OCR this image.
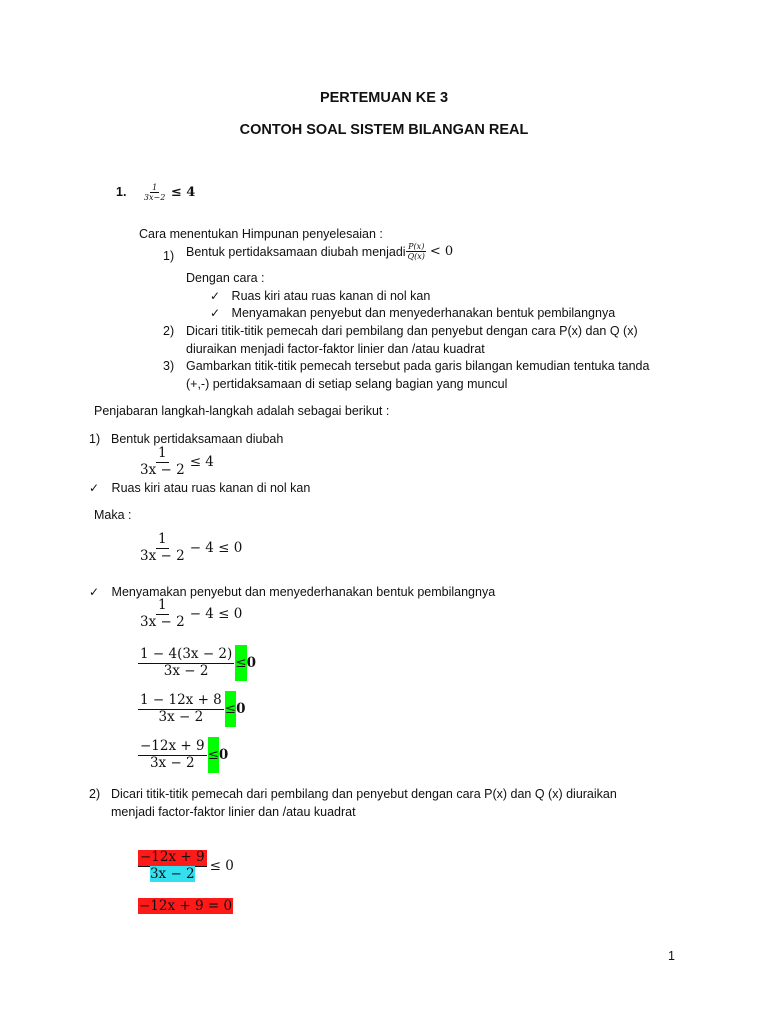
PERTEMUAN KE 3
CONTOH SOAL SISTEM BILANGAN REAL
1. $\frac{1}{3x-2} \le 4$
Cara menentukan Himpunan penyelesaian :
1) Bentuk pertidaksamaan diubah menjadi $\frac{P(x)}{Q(x)} < 0$
Dengan cara :
✓ Ruas kiri atau ruas kanan di nol kan
✓ Menyamakan penyebut dan menyederhanakan bentuk pembilangnya
2) Dicari titik-titik pemecah dari pembilang dan penyebut dengan cara P(x) dan Q (x)
diuraikan menjadi factor-faktor linier dan /atau kuadrat
3) Gambarkan titik-titik pemecah tersebut pada garis bilangan kemudian tentuka tanda
(+,-) pertidaksamaan di setiap selang bagian yang muncul
Penjabaran langkah-langkah adalah sebagai berikut :
1) Bentuk pertidaksamaan diubah
$\frac{1}{3x - 2} \le 4$
✓ Ruas kiri atau ruas kanan di nol kan
Maka :
$\frac{1}{3x - 2} - 4 \le 0$
✓ Menyamakan penyebut dan menyederhanakan bentuk pembilangnya
$\frac{1}{3x - 2} - 4 \le 0$
$\frac{1 - 4(3x - 2)}{3x - 2} \le 0$
$\frac{1 - 12x + 8}{3x - 2} \le 0$
$\frac{-12x + 9}{3x - 2} \le 0$
2) Dicari titik-titik pemecah dari pembilang dan penyebut dengan cara P(x) dan Q (x) diuraikan
menjadi factor-faktor linier dan /atau kuadrat
$\frac{-12x + 9}{3x - 2} \le 0$
−12x + 9 = 0
1
